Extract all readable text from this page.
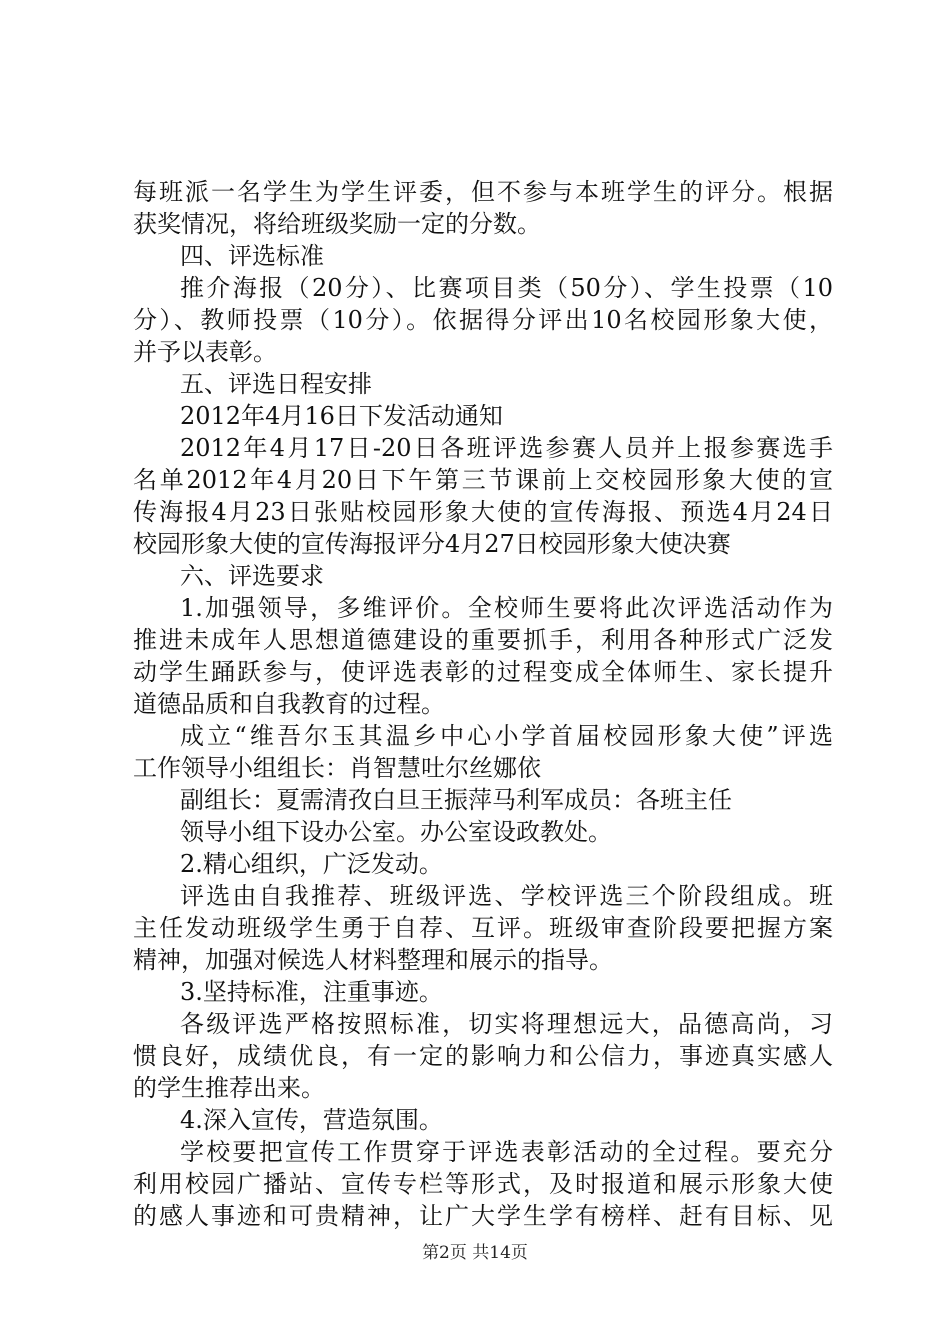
每班派一名学生为学生评委，但不参与本班学生的评分。根据
获奖情况，将给班级奖励一定的分数。
四、评选标准
推介海报（20分）、比赛项目类（50分）、学生投票（10
分）、教师投票（10分）。依据得分评出10名校园形象大使，
并予以表彰。
五、评选日程安排
2012年4月16日下发活动通知
2012年4月17日-20日各班评选参赛人员并上报参赛选手
名单2012年4月20日下午第三节课前上交校园形象大使的宣
传海报4月23日张贴校园形象大使的宣传海报、预选4月24日
校园形象大使的宣传海报评分4月27日校园形象大使决赛
六、评选要求
1.加强领导，多维评价。全校师生要将此次评选活动作为
推进未成年人思想道德建设的重要抓手，利用各种形式广泛发
动学生踊跃参与，使评选表彰的过程变成全体师生、家长提升
道德品质和自我教育的过程。
成立“维吾尔玉其温乡中心小学首届校园形象大使”评选
工作领导小组组长：肖智慧吐尔丝娜依
副组长：夏需清孜白旦王振萍马利军成员：各班主任
领导小组下设办公室。办公室设政教处。
2.精心组织，广泛发动。
评选由自我推荐、班级评选、学校评选三个阶段组成。班
主任发动班级学生勇于自荐、互评。班级审查阶段要把握方案
精神，加强对候选人材料整理和展示的指导。
3.坚持标准，注重事迹。
各级评选严格按照标准，切实将理想远大，品德高尚，习
惯良好，成绩优良，有一定的影响力和公信力，事迹真实感人
的学生推荐出来。
4.深入宣传，营造氛围。
学校要把宣传工作贯穿于评选表彰活动的全过程。要充分
利用校园广播站、宣传专栏等形式，及时报道和展示形象大使
的感人事迹和可贵精神，让广大学生学有榜样、赶有目标、见
第2页 共14页
